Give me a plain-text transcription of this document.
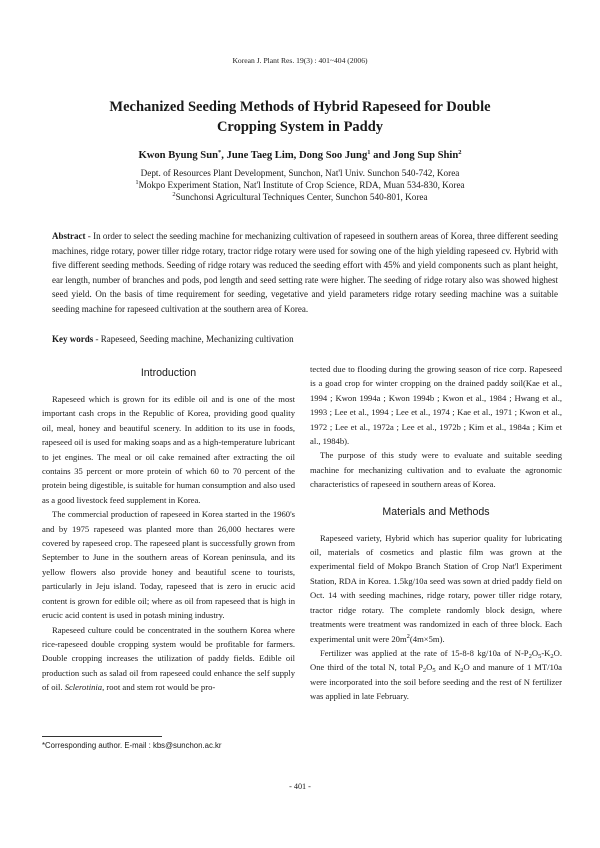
Korean J. Plant Res. 19(3) : 401~404 (2006)
Mechanized Seeding Methods of Hybrid Rapeseed for Double
Cropping System in Paddy
Kwon Byung Sun*, June Taeg Lim, Dong Soo Jung$^1$ and Jong Sup Shin$^2$
Dept. of Resources Plant Development, Sunchon, Nat'l Univ. Sunchon 540-742, Korea
$^1$Mokpo Experiment Station, Nat'l Institute of Crop Science, RDA, Muan 534-830, Korea
$^2$Sunchonsi Agricultural Techniques Center, Sunchon 540-801, Korea
Abstract - In order to select the seeding machine for mechanizing cultivation of rapeseed in southern areas of Korea, three different seeding machines, ridge rotary, power tiller ridge rotary, tractor ridge rotary were used for sowing one of the high yielding rapeseed cv. Hybrid with five different seeding methods. Seeding of ridge rotary was reduced the seeding effort with 45% and yield components such as plant height, ear length, number of branches and pods, pod length and seed setting rate were higher. The seeding of ridge rotary also was showed highest seed yield. On the basis of time requirement for seeding, vegetative and yield parameters ridge rotary seeding machine was a suitable seeding machine for rapeseed cultivation at the southern area of Korea.
Key words - Rapeseed, Seeding machine, Mechanizing cultivation
Introduction

Rapeseed which is grown for its edible oil and is one of the most important cash crops in the Republic of Korea, providing good quality oil, meal, honey and beautiful scenery. In addition to its use in foods, rapeseed oil is used for making soaps and as a high-temperature lubricant to jet engines. The meal or oil cake remained after extracting the oil contains 35 percent or more protein of which 60 to 70 percent of the protein being digestible, is suitable for human consumption and also used as a good livestock feed supplement in Korea.

The commercial production of rapeseed in Korea started in the 1960's and by 1975 rapeseed was planted more than 26,000 hectares were covered by rapeseed crop. The rapeseed plant is successfully grown from September to June in the southern areas of Korean peninsula, and its yellow flowers also provide honey and beautiful scene to tourists, particularly in Jeju island. Today, rapeseed that is zero in erucic acid content is grown for edible oil; where as oil from rapeseed that is high in erucic acid content is used in potash mining industry.

Rapeseed culture could be concentrated in the southern Korea where rice-rapeseed double cropping system would be profitable for farmers. Double cropping increases the utilization of paddy fields. Edible oil production such as salad oil from rapeseed could enhance the self supply of oil. Sclerotinia, root and stem rot would be pro-

tected due to flooding during the growing season of rice corp. Rapeseed is a goad crop for winter cropping on the drained paddy soil(Kae et al., 1994 ; Kwon 1994a ; Kwon 1994b ; Kwon et al., 1984 ; Hwang et al., 1993 ; Lee et al., 1994 ; Lee et al., 1974 ; Kae et al., 1971 ; Kwon et al., 1972 ; Lee et al., 1972a ; Lee et al., 1972b ; Kim et al., 1984a ; Kim et al., 1984b).

The purpose of this study were to evaluate and suitable seeding machine for mechanizing cultivation and to evaluate the agronomic characteristics of rapeseed in southern areas of Korea.

Materials and Methods

Rapeseed variety, Hybrid which has superior quality for lubricating oil, materials of cosmetics and plastic film was grown at the experimental field of Mokpo Branch Station of Crop Nat'l Experiment Station, RDA in Korea. 1.5kg/10a seed was sown at dried paddy field on Oct. 14 with seeding machines, ridge rotary, power tiller ridge rotary, tractor ridge rotary. The complete randomly block design, where treatments were treatment was randomized in each of three block. Each experimental unit were $20m^2(4m\times 5m)$.

Fertilizer was applied at the rate of 15-8-8 kg/10a of $N-P_2O_5-K_2O$. One third of the total N, total $P_2O_5$ and $K_2O$ and manure of 1 MT/10a were incorporated into the soil before seeding and the rest of N fertilizer was applied in late February.

*Corresponding author. E-mail : kbs@sunchon.ac.kr
- 401 -
